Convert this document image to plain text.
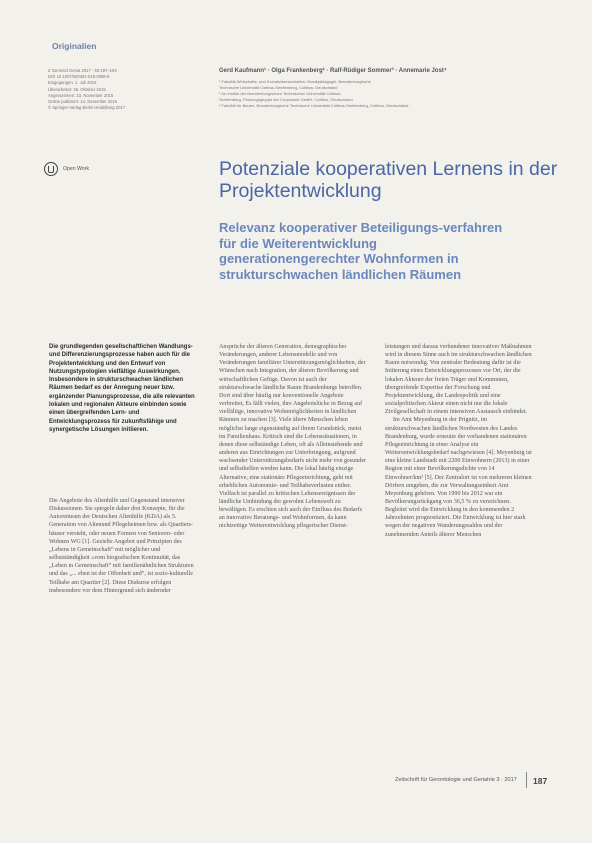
Originalien
Z Gerontol Geriat 2017 · 50:187–193
DOI 10.1007/s00391-015-0985-5
Eingegangen: 1. Juli 2015
Überarbeitet: 26. Oktober 2015
Angenommen: 23. November 2015
Online publiziert: 14. Dezember 2015
© Springer-Verlag Berlin Heidelberg 2017
Gerd Kaufmann¹ · Olga Frankenberg² · Ralf-Rüdiger Sommer³ · Annemarie Jost⁴
¹ Fakultät Wirtschafts- und Sozialwissenschaften, Musikpädagogik, Brandenburgische
Technische Universität Cottbus-Senftenberg, Cottbus, Deutschland
² An-Institut der Brandenburgischen Technischen Universität Cottbus-
Senftenberg, Planungsgruppe der Cooperativ GmbH, Cottbus, Deutschland
³ Fakultät für Bauen, Brandenburgische Technische Universität Cottbus-Senftenberg, Cottbus, Deutschland
Open Work	Potenziale kooperativen Lernens in der Projektentwicklung
Relevanz kooperativer Beteiligungs-verfahren für die Weiterentwicklung generationengerechter Wohnformen in strukturschwachen ländlichen Räumen
Die grundlegenden gesellschaftlichen Wandlungs- und Differenzierungsprozesse haben auch für die Projektentwicklung und den Entwurf von Nutzungstypologien vielfältige Auswirkungen. Insbesondere in strukturschwachen ländlichen Räumen bedarf es der Anregung neuer bzw. ergänzender Planungsprozesse, die alle relevanten lokalen und regionalen Akteure einbinden sowie einen übergreifenden Lern- und Entwicklungsprozess für zukunftsfähige und synergetische Lösungen initiieren.

Die Angebote des Altenhilfe und Gegenstand intensiver Diskussionen. Sie spiegeln daher drei Konzepte, für die Autorenteam der Deutschen Altenhilfe (KDA) als 5. Generation von Altenund Pflegeheimen bzw. als Quartiers-häuser versteht, oder neuen Formen von Senioren- oder Wohnen WG [1]. Gezielte Angebot und Prinzipien des „Lebens in Gemeinschaft“ mit möglicher und selbstständigkeit «vom biografischen Kontinuität, das „Leben in Gemeinschaft“ mit familienähnlichen Strukturen und das „... eben ist der Offenheit und“, ist sozio-kulturelle Teilhabe am Quartier [2]. Diese Diskurse erfolgen insbesondere vor dem Hintergrund sich ändernder

Ansprüche der älteren Generation, demographischer Veränderungen, anderer Lebensmodelle und von Veränderungen familiärer Unterstützungsmöglichkeiten, der Wünschen nach Integration, der älteren Bevölkerung und wirtschaftlichen Gefüge. Davon ist auch der strukturschwache ländliche Raum Brandenburgs betroffen. Dort sind über häufig nur konventionelle Angebote verbreitet, Es fällt vielen, ihre Angebotslücke in Bezug auf vielfältige, innovative Wohnmöglichkeiten in ländlichen Räumen zu machen [3]. Viele ältere Menschen leben möglichst lange eigenständig auf ihrem Grundstück, meist im Familienhaus. Kritisch sind die Lebenssituationen, in denen diese selbständige Leben, oft als Alleinstehende und anderen aus Einrichtungen zur Unterbringung, aufgrund wachsender Unterstützungsbedarfs nicht mehr von gesunder und selbsthelfen werden kann. Die lokal häufig einzige Alternative, eine stationäre Pflegeeinrichtung, geht mit erheblichen Autonomie- und Teilhabeverlusten einher. Vielfach ist parallel zu kritischen Lebensereignissen der ländliche Umbindung der gewohnt Lebenswelt zu bewältigen. Es erschien sich auch der Einfluss des Bedarfs an innovative Beratungs- und Wohnformen, da kann nichtzeitige Weiterentwicklung pflegerischer Dienst-

leistungen und daraus verbundener innovativer Maßnahmen wird in diesem Sinne auch im strukturschwachen ländlichen Raum notwendig. Von zentraler Bedeutung dafür ist die Initierung eines Entwicklungsprozesses vor Ort, der die lokalen Akteure der freien Träger und Kommunen, übergreifende Expertise der Forschung und Projektentwicklung, die Landespolitik und eine sozialpolitischen Akteur einen nicht nur die lokale Zivilgesellschaft in einem intensiven Austausch einbindet.

Im Amt Meyenburg in der Prignitz, im strukturschwachen ländlichen Nordwesten des Landes Brandenburg, wurde erneutie der vorhandenen stationären Pflegeeinrichtung in einer Analyse ein Weiterentwicklungsbedarf nachgewiesen [4]. Meyenburg ist eine kleine Landstadt mit 2200 Einwohnern (2013) in einer Region mit einer Bevölkerungsdichte von 14 Einwohner/km² [5]. Der Zentralort ist von mehreren kleinen Dörfern umgeben, die zur Verwaltungseinheit Amt Meyenburg gehören. Von 1990 bis 2012 war ein Bevölkerungsrückgang von 36,5 % zu verzeichnen. Begleitet wird die Entwicklung in den kommenden 2 Jahrzehnten prognostiziert. Die Entwicklung ist hier stark wegen der negativen Wanderungssaldos und der zunehmenden Anteils älterer Menschen

Zeitschrift für Gerontologie und Geriatrie 3 · 2017 187
